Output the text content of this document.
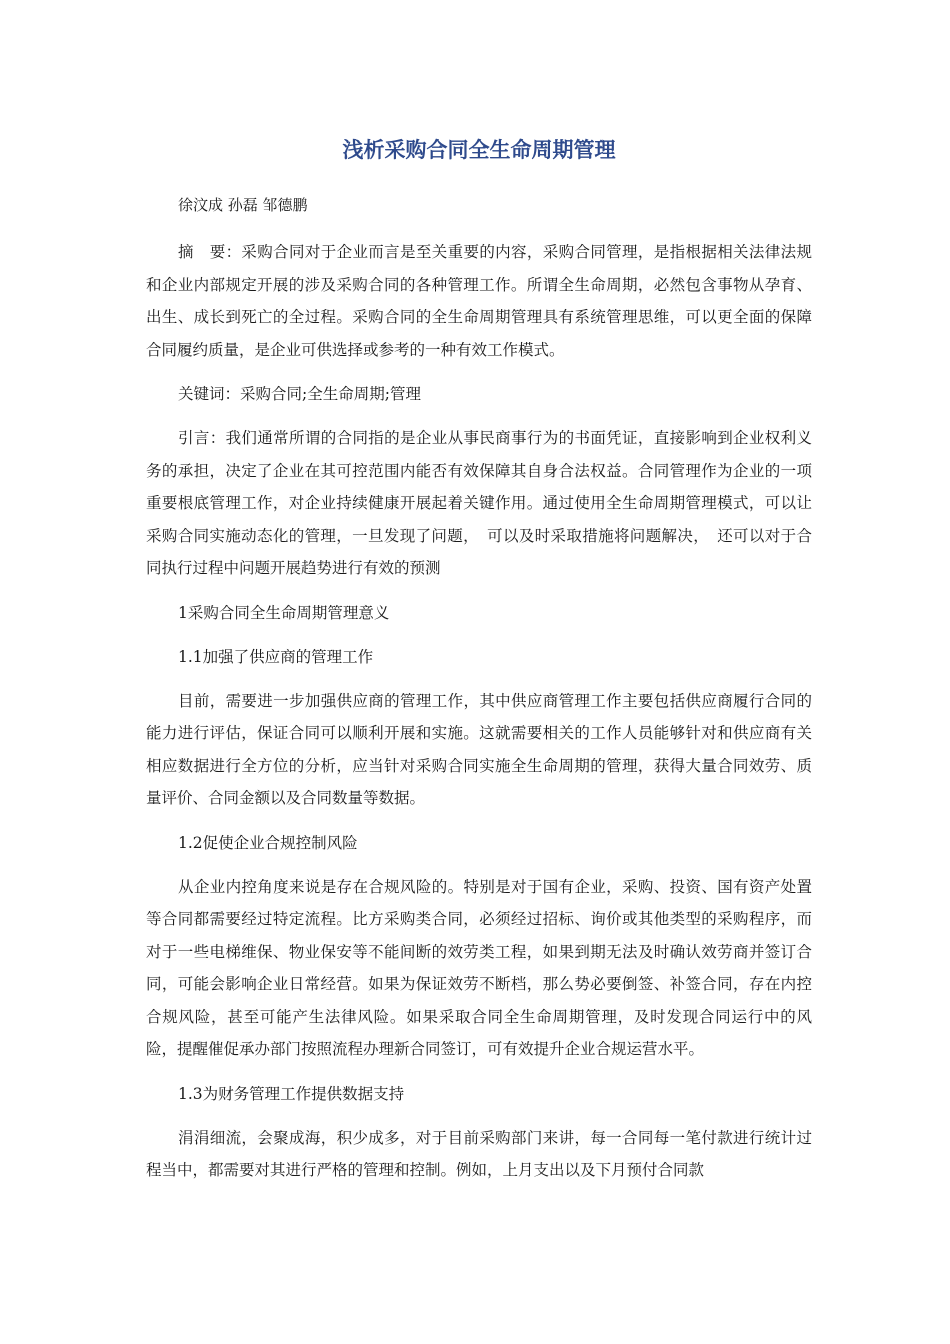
浅析采购合同全生命周期管理
徐汶成 孙磊 邹德鹏

摘　要：采购合同对于企业而言是至关重要的内容，采购合同管理，是指根据相关法律法规和企业内部规定开展的涉及采购合同的各种管理工作。所谓全生命周期，必然包含事物从孕育、出生、成长到死亡的全过程。采购合同的全生命周期管理具有系统管理思维，可以更全面的保障合同履约质量，是企业可供选择或参考的一种有效工作模式。

关键词：采购合同;全生命周期;管理

引言：我们通常所谓的合同指的是企业从事民商事行为的书面凭证，直接影响到企业权利义务的承担，决定了企业在其可控范围内能否有效保障其自身合法权益。合同管理作为企业的一项重要根底管理工作，对企业持续健康开展起着关键作用。通过使用全生命周期管理模式，可以让采购合同实施动态化的管理，一旦发现了问题，　可以及时采取措施将问题解决，　还可以对于合同执行过程中问题开展趋势进行有效的预测

1采购合同全生命周期管理意义

1.1加强了供应商的管理工作

目前，需要进一步加强供应商的管理工作，其中供应商管理工作主要包括供应商履行合同的能力进行评估，保证合同可以顺利开展和实施。这就需要相关的工作人员能够针对和供应商有关相应数据进行全方位的分析，应当针对采购合同实施全生命周期的管理，获得大量合同效劳、质量评价、合同金额以及合同数量等数据。

1.2促使企业合规控制风险

从企业内控角度来说是存在合规风险的。特别是对于国有企业，采购、投资、国有资产处置等合同都需要经过特定流程。比方采购类合同，必须经过招标、询价或其他类型的采购程序，而对于一些电梯维保、物业保安等不能间断的效劳类工程，如果到期无法及时确认效劳商并签订合同，可能会影响企业日常经营。如果为保证效劳不断档，那么势必要倒签、补签合同，存在内控合规风险，甚至可能产生法律风险。如果采取合同全生命周期管理，及时发现合同运行中的风险，提醒催促承办部门按照流程办理新合同签订，可有效提升企业合规运营水平。

1.3为财务管理工作提供数据支持

涓涓细流，会聚成海，积少成多，对于目前采购部门来讲，每一合同每一笔付款进行统计过程当中，都需要对其进行严格的管理和控制。例如，上月支出以及下月预付合同款
